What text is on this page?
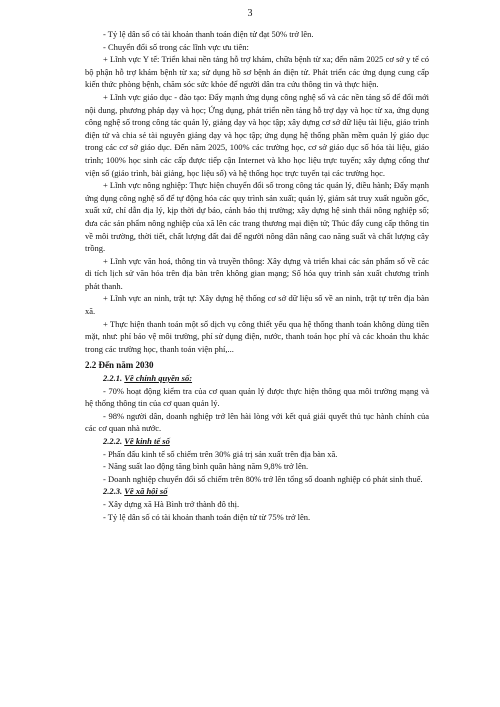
3

- Tỷ lệ dân số có tài khoản thanh toán điện tử đạt 50% trở lên.

- Chuyển đổi số trong các lĩnh vực ưu tiên:

+ Lĩnh vực Y tế: Triển khai nền tảng hỗ trợ khám, chữa bệnh từ xa; đến năm 2025 cơ sở y tế có bộ phận hỗ trợ khám bệnh từ xa; sử dụng hồ sơ bệnh án điện tử. Phát triển các ứng dụng cung cấp kiến thức phòng bệnh, chăm sóc sức khỏe để người dân tra cứu thông tin và thực hiện.

+ Lĩnh vực giáo dục - đào tạo: Đẩy mạnh ứng dụng công nghệ số và các nền tảng số để đổi mới nội dung, phương pháp dạy và học; Ứng dụng, phát triển nền tảng hỗ trợ dạy và học từ xa, ứng dụng công nghệ số trong công tác quản lý, giảng dạy và học tập; xây dựng cơ sở dữ liệu tài liệu, giáo trình điện tử và chia sẻ tài nguyên giảng dạy và học tập; ứng dụng hệ thống phần mềm quản lý giáo dục trong các cơ sở giáo dục. Đến năm 2025, 100% các trường học, cơ sở giáo dục số hóa tài liệu, giáo trình; 100% học sinh các cấp được tiếp cận Internet và kho học liệu trực tuyến; xây dựng cổng thư viện số (giáo trình, bài giảng, học liệu số) và hệ thống học trực tuyến tại các trường học.

+ Lĩnh vực nông nghiệp: Thực hiện chuyển đổi số trong công tác quản lý, điều hành; Đẩy mạnh ứng dụng công nghệ số để tự động hóa các quy trình sản xuất; quản lý, giám sát truy xuất nguồn gốc, xuất xứ, chỉ dẫn địa lý, kịp thời dự báo, cảnh báo thị trường; xây dựng hệ sinh thái nông nghiệp số; đưa các sản phẩm nông nghiệp của xã lên các trang thương mại điện tử; Thúc đẩy cung cấp thông tin về môi trường, thời tiết, chất lượng đất đai để người nông dân nâng cao năng suất và chất lượng cây trồng.

+ Lĩnh vực văn hoá, thông tin và truyền thông: Xây dựng và triển khai các sản phẩm số về các di tích lịch sử văn hóa trên địa bàn trên không gian mạng; Số hóa quy trình sản xuất chương trình phát thanh.

+ Lĩnh vực an ninh, trật tự: Xây dựng hệ thống cơ sở dữ liệu số về an ninh, trật tự trên địa bàn xã.

+ Thực hiện thanh toán một số dịch vụ công thiết yếu qua hệ thống thanh toán không dùng tiền mặt, như: phí bảo vệ môi trường, phí sử dụng điện, nước, thanh toán học phí và các khoản thu khác trong các trường học, thanh toán viện phí,...

2.2 Đến năm 2030
2.2.1. Về chính quyền số:

- 70% hoạt động kiểm tra của cơ quan quản lý được thực hiện thông qua môi trường mạng và hệ thống thông tin của cơ quan quản lý.

- 98% người dân, doanh nghiệp trở lên hài lòng với kết quả giải quyết thủ tục hành chính của các cơ quan nhà nước.

2.2.2. Về kinh tế số

- Phấn đấu kinh tế số chiếm trên 30% giá trị sản xuất trên địa bàn xã.

- Năng suất lao động tăng bình quân hàng năm 9,8% trở lên.

- Doanh nghiệp chuyển đổi số chiếm trên 80% trở lên tổng số doanh nghiệp có phát sinh thuế.

2.2.3. Về xã hội số

- Xây dựng xã Hà Bình trở thành đô thị.

- Tỷ lệ dân số có tài khoản thanh toán điện tử từ 75% trở lên.
